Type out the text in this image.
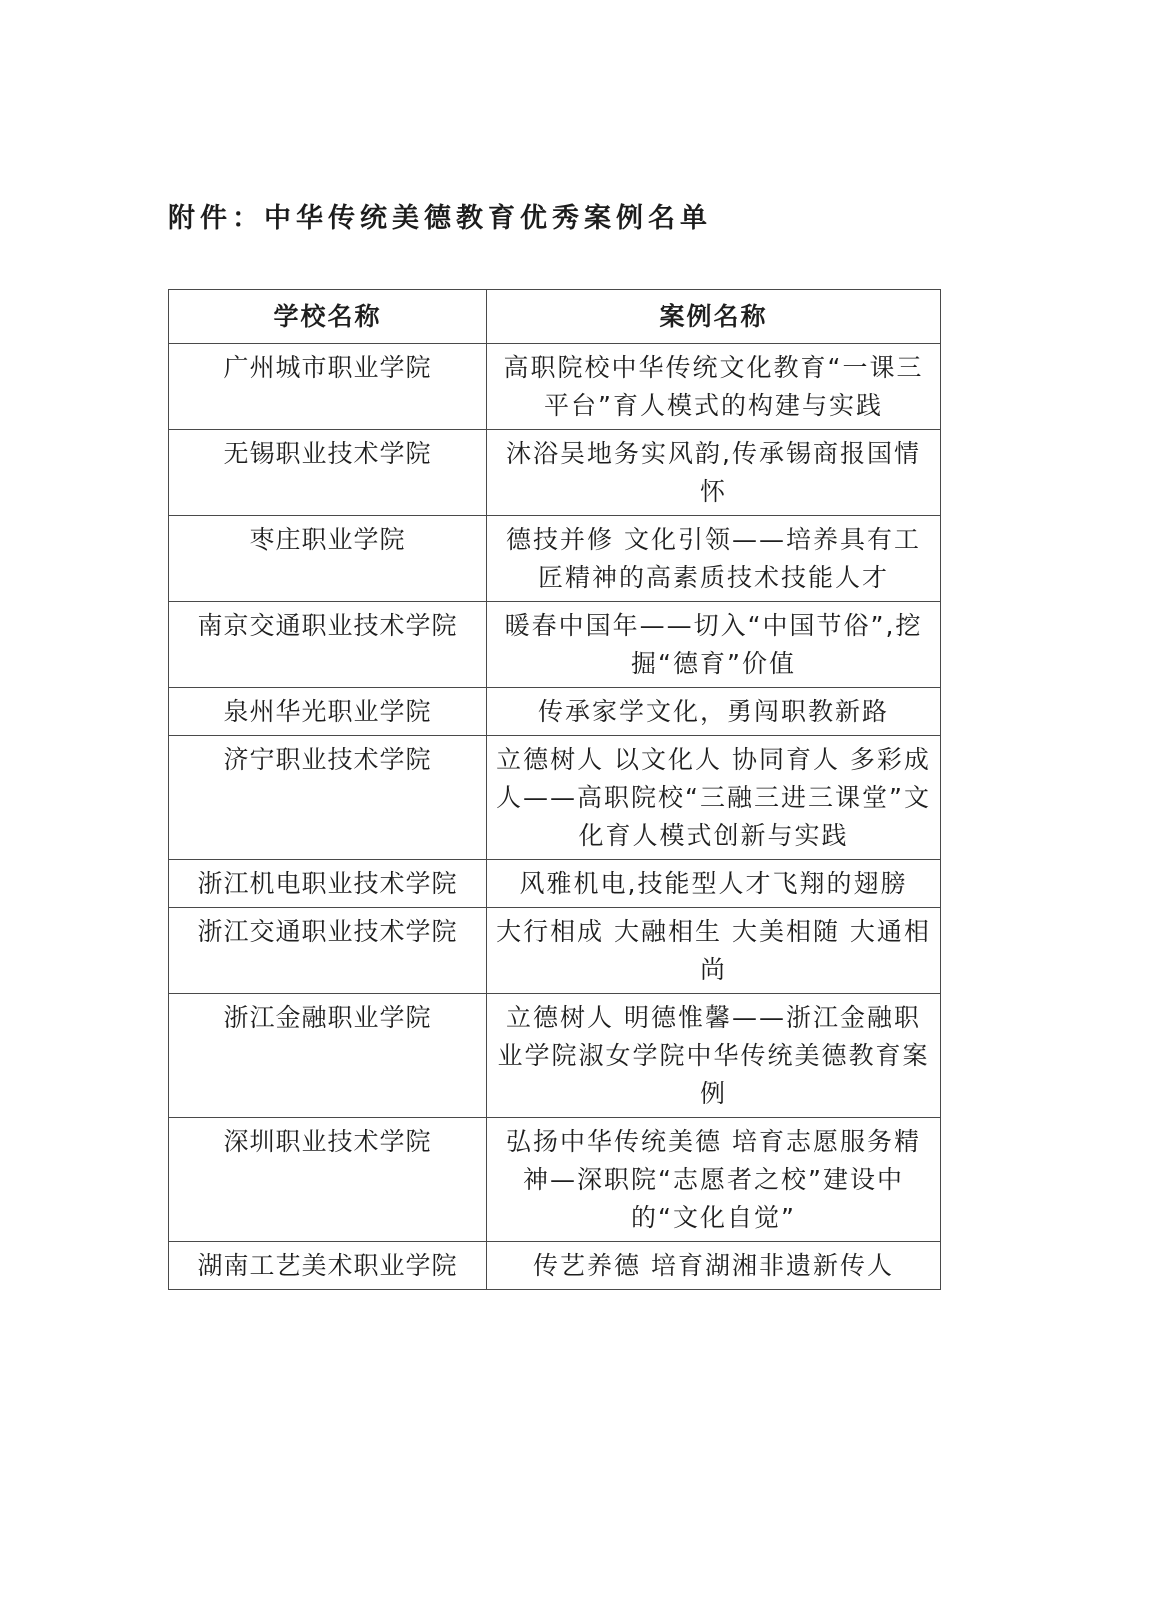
附件：中华传统美德教育优秀案例名单
学校名称	案例名称
广州城市职业学院	高职院校中华传统文化教育“一课三平台”育人模式的构建与实践
无锡职业技术学院	沐浴吴地务实风韵,传承锡商报国情怀
枣庄职业学院	德技并修 文化引领——培养具有工匠精神的高素质技术技能人才
南京交通职业技术学院	暖春中国年——切入“中国节俗”,挖掘“德育”价值
泉州华光职业学院	传承家学文化，勇闯职教新路
济宁职业技术学院	立德树人 以文化人 协同育人 多彩成人——高职院校“三融三进三课堂”文化育人模式创新与实践
浙江机电职业技术学院	风雅机电,技能型人才飞翔的翅膀
浙江交通职业技术学院	大行相成 大融相生 大美相随 大通相尚
浙江金融职业学院	立德树人 明德惟馨——浙江金融职业学院淑女学院中华传统美德教育案例
深圳职业技术学院	弘扬中华传统美德 培育志愿服务精神—深职院“志愿者之校”建设中的“文化自觉”
湖南工艺美术职业学院	传艺养德 培育湖湘非遗新传人
